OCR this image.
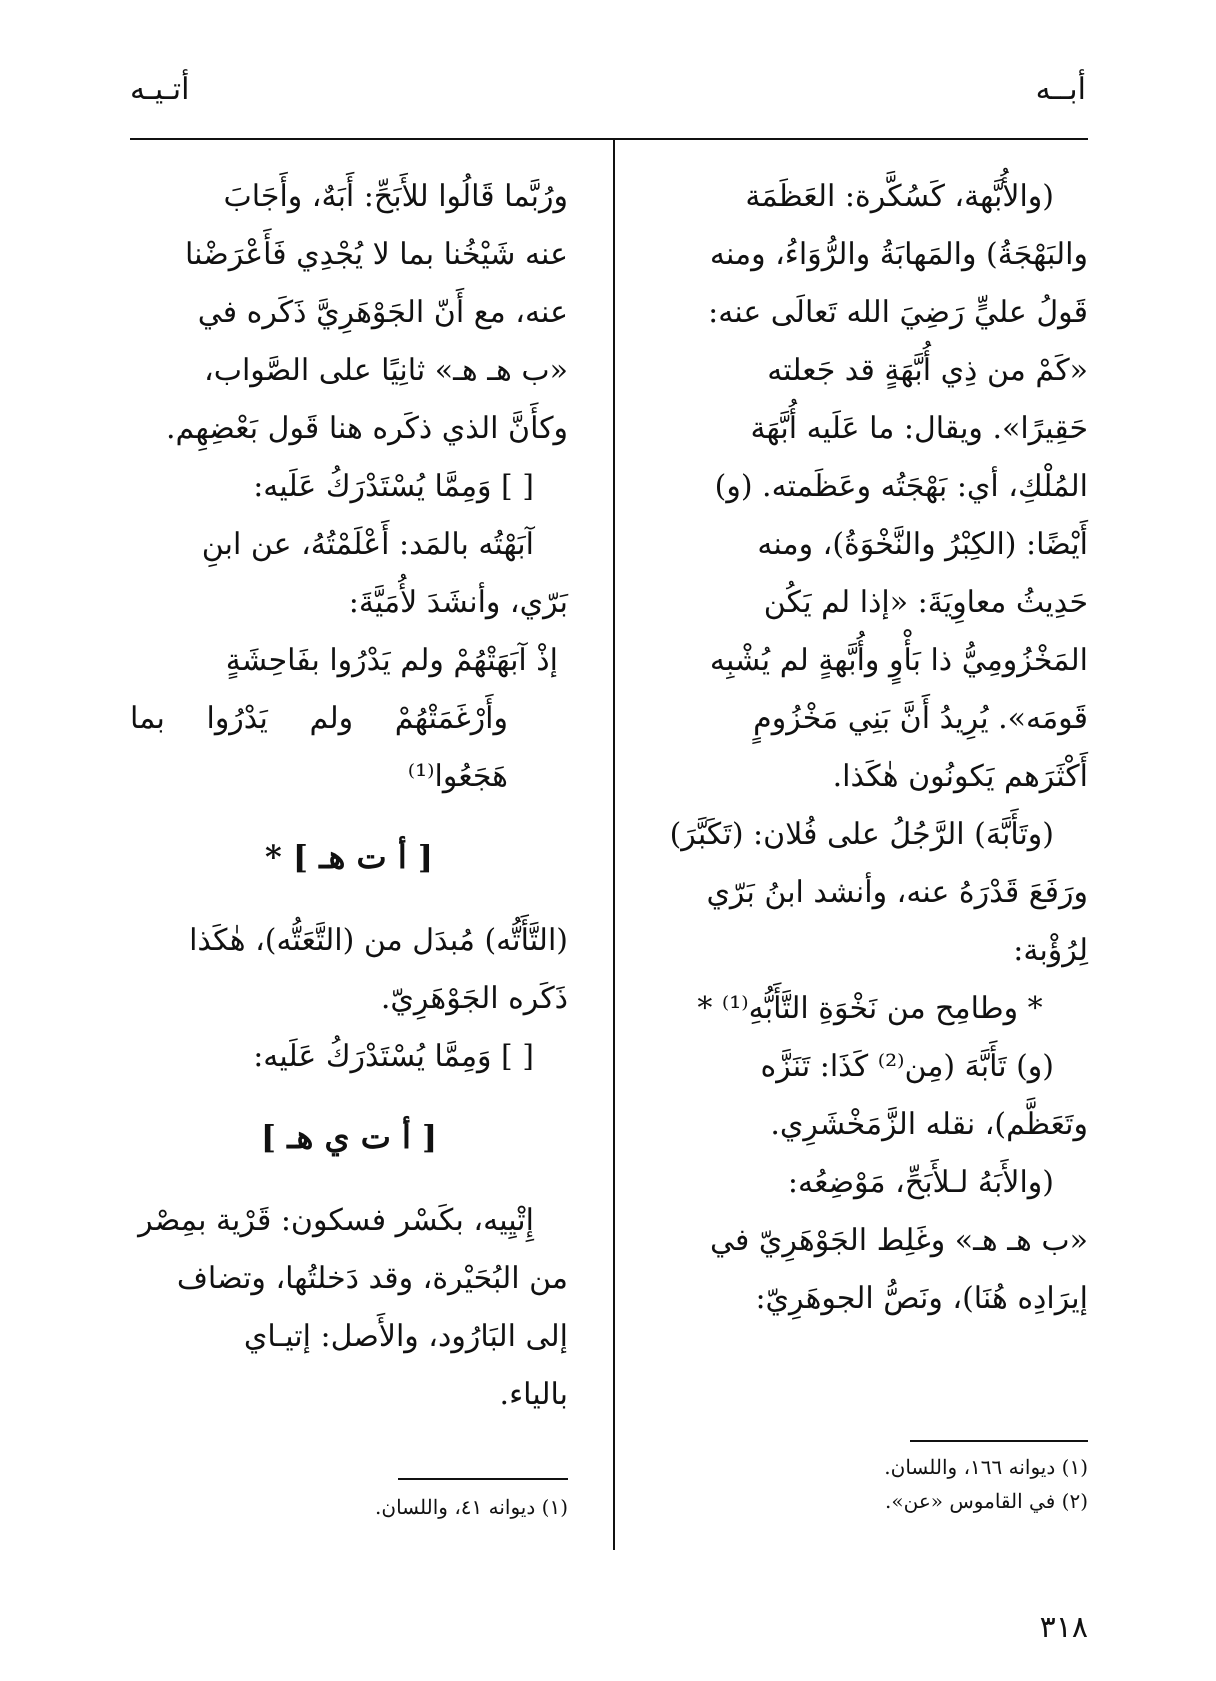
أبــه
أتـيـه

(والأُبَّهة، كَسُكَّرة: العَظَمَة

والبَهْجَةُ) والمَهابَةُ والرُّوَاءُ، ومنه

قَولُ عليٍّ رَضِيَ الله تَعالَى عنه:

«كَمْ من ذِي أُبَّهَةٍ قد جَعلته

حَقِيرًا». ويقال: ما عَلَيه أُبَّهَة

المُلْكِ، أي: بَهْجَتُه وعَظَمته. (و)

أَيْضًا: (الكِبْرُ والنَّخْوَةُ)، ومنه

حَدِيثُ معاوِيَةَ: «إذا لم يَكُن

المَخْزُومِيُّ ذا بَأْوٍ وأُبَّهةٍ لم يُشْبِه

قَومَه». يُرِيدُ أَنَّ بَنِي مَخْزُومٍ

أَكْثَرَهم يَكونُون هٰكَذا.

(وتَأَبَّهَ) الرَّجُلُ على فُلان: (تَكَبَّرَ)

ورَفَعَ قَدْرَهُ عنه، وأنشد ابنُ بَرّي

لِرُؤْبة:

* وطامِح من نَخْوَةِ التَّأَبُّهِ⁽¹⁾ *

(و) تَأَبَّهَ (مِن⁽²⁾ كَذَا: تَنَزَّه

وتَعَظَّم)، نقله الزَّمَخْشَرِي.

(والأَبَهُ لـلأَبَحِّ، مَوْضِعُه:

«ب هـ هـ» وغَلِط الجَوْهَرِيّ في

إيرَادِه هُنَا)، ونَصُّ الجوهَرِيّ:

(١) ديوانه ١٦٦، واللسان.
(٢) في القاموس «عن».

ورُبَّما قَالُوا للأَبَحِّ: أَبَهٌ، وأَجَابَ

عنه شَيْخُنا بما لا يُجْدِي فَأَعْرَضْنا

عنه، مع أَنّ الجَوْهَرِيَّ ذَكَره في

«ب هـ هـ» ثانِيًا على الصَّواب،

وكأَنَّ الذي ذكَره هنا قَول بَعْضِهِم.

[ ] وَمِمَّا يُسْتَدْرَكُ عَلَيه:

آبَهْتُه بالمَد: أَعْلَمْتُهُ، عن ابنِ

بَرّي، وأنشَدَ لأُمَيَّةَ:

إذْ آبَهَتْهُمْ ولم يَدْرُوا بفَاحِشَةٍ

وأَرْغَمَتْهُمْ ولم يَدْرُوا بما هَجَعُوا⁽¹⁾

[ أ ت هـ ] *

(التَّأَتُّه) مُبدَل من (التَّعَتُّه)، هٰكَذا

ذَكَره الجَوْهَرِيّ.

[ ] وَمِمَّا يُسْتَدْرَكُ عَلَيه:

[ أ ت ي هـ ]

إِتْيِيه، بكَسْر فسكون: قَرْية بمِصْر

من البُحَيْرة، وقد دَخلتُها، وتضاف

إلى البَارُود، والأَصل: إتيـاي

بالياء.

(١) ديوانه ٤١، واللسان.
٣١٨
